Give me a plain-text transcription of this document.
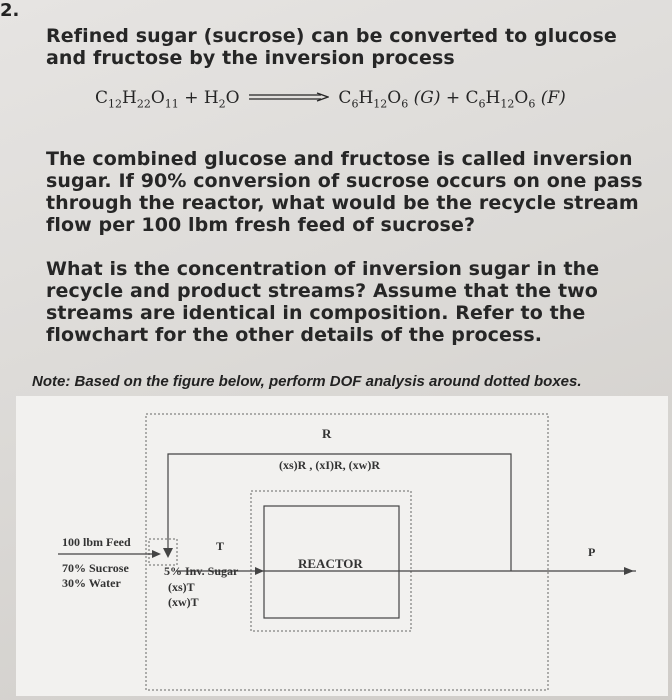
2.
Refined sugar (sucrose) can be converted to glucose and fructose by the inversion process
$C_{12}H_{22}O_{11} + H_2O$	$C_6H_{12}O_6$ $(G) + C_6H_{12}O_6$ (F)
The combined glucose and fructose is called inversion sugar. If 90% conversion of sucrose occurs on one pass through the reactor, what would be the recycle stream flow per 100 lbm fresh feed of sucrose?
What is the concentration of inversion sugar in the recycle and product streams? Assume that the two streams are identical in composition. Refer to the flowchart for the other details of the process.
Note: Based on the figure below, perform DOF analysis around dotted boxes.
R
(xs)R , (xI)R, (xw)R
100 lbm Feed
70% Sucrose
30% Water
T
5% Inv. Sugar
(xs)T
(xw)T
REACTOR
P
